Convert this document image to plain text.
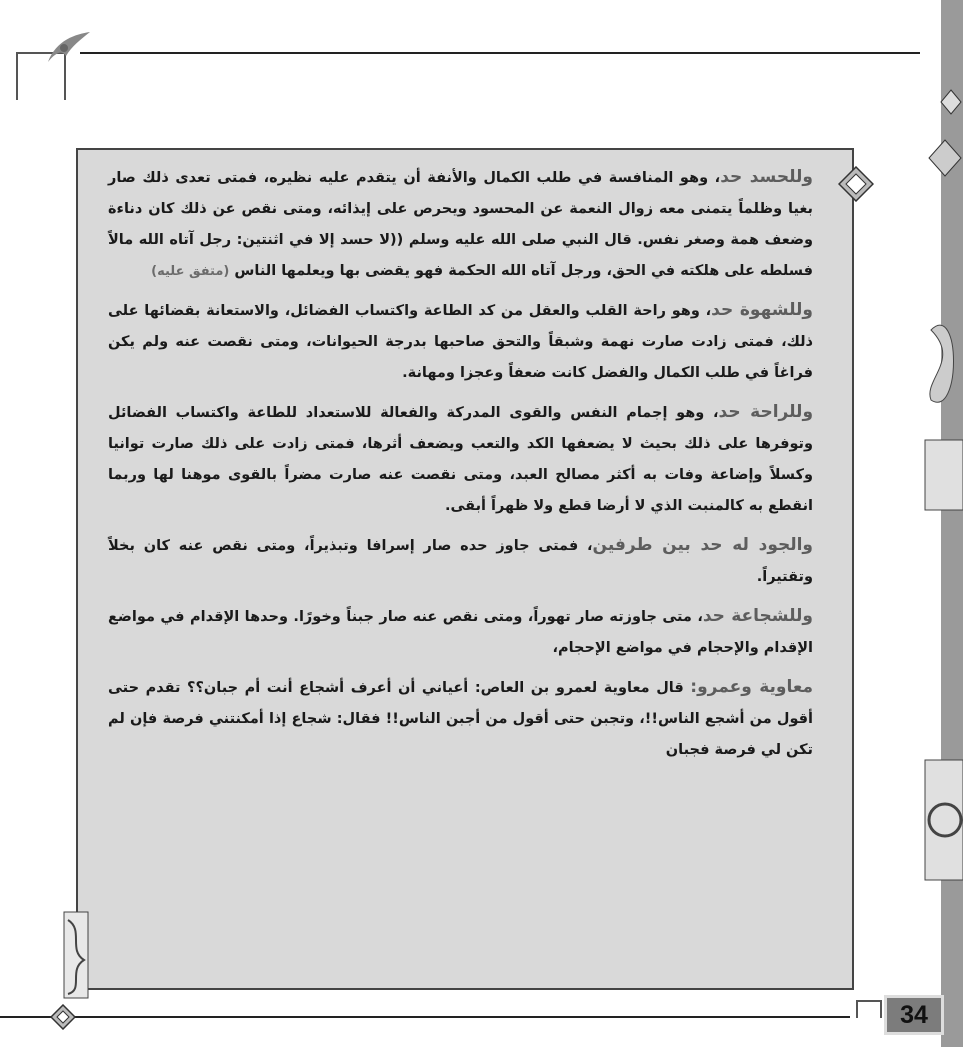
34

وللحسد حد، وهو المنافسة في طلب الكمال والأنفة أن يتقدم عليه نظيره، فمتى تعدى ذلك صار بغيا وظلماً يتمنى معه زوال النعمة عن المحسود ويحرص على إيذائه، ومتى نقص عن ذلك كان دناءة وضعف همة وصغر نفس. قال النبي صلى الله عليه وسلم ((لا حسد إلا في اثنتين: رجل آتاه الله مالاً فسلطه على هلكته في الحق، ورجل آتاه الله الحكمة فهو يقضى بها ويعلمها الناس (متفق عليه)

وللشهوة حد، وهو راحة القلب والعقل من كد الطاعة واكتساب الفضائل، والاستعانة بقضائها على ذلك، فمتى زادت صارت نهمة وشبقاً والتحق صاحبها بدرجة الحيوانات، ومتى نقصت عنه ولم يكن فراغاً في طلب الكمال والفضل كانت ضعفاً وعجزا ومهانة.

وللراحة حد، وهو إجمام النفس والقوى المدركة والفعالة للاستعداد للطاعة واكتساب الفضائل وتوفرها على ذلك بحيث لا يضعفها الكد والتعب ويضعف أثرها، فمتى زادت على ذلك صارت توانيا وكسلاً وإضاعة وفات به أكثر مصالح العبد، ومتى نقصت عنه صارت مضراً بالقوى موهنا لها وربما انقطع به كالمنبت الذي لا أرضا قطع ولا ظهراً أبقى.

والجود له حد بين طرفين، فمتى جاوز حده صار إسرافا وتبذيراً، ومتى نقص عنه كان بخلاً وتقتيراً.

وللشجاعة حد، متى جاوزته صار تهوراً، ومتى نقص عنه صار جبناً وخورًا. وحدها الإقدام في مواضع الإقدام والإحجام في مواضع الإحجام،

معاوية وعمرو: قال معاوية لعمرو بن العاص: أعياني أن أعرف أشجاع أنت أم جبان؟؟ تقدم حتى أقول من أشجع الناس!!، وتجبن حتى أقول من أجبن الناس!! فقال: شجاع إذا أمكنتني فرصة فإن لم تكن لي فرصة فجبان
